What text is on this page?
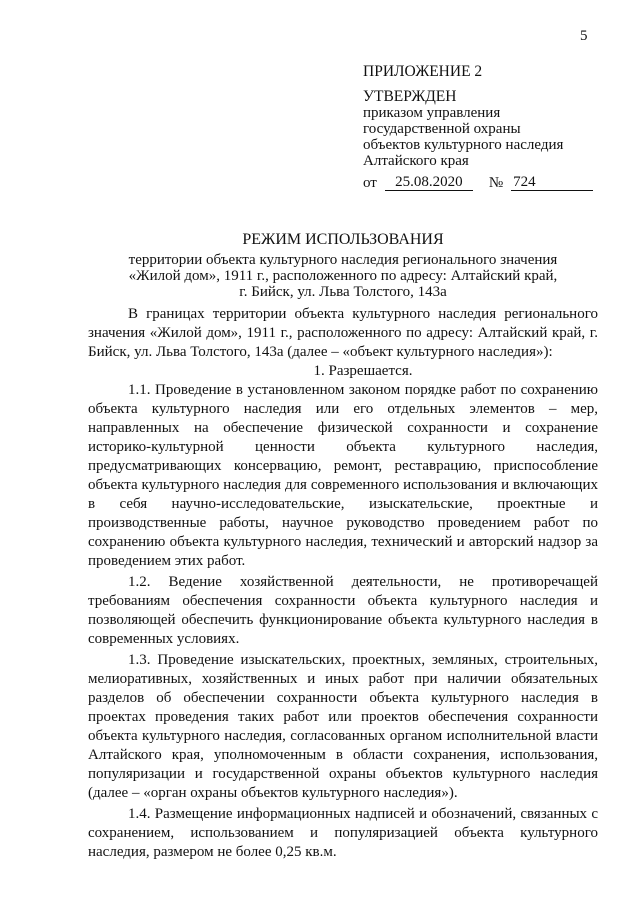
5
ПРИЛОЖЕНИЕ 2
УТВЕРЖДЕН
приказом управления
государственной охраны
объектов культурного наследия
Алтайского края
от	25.08.2020	№ 724
РЕЖИМ ИСПОЛЬЗОВАНИЯ
территории объекта культурного наследия регионального значения
«Жилой дом», 1911 г., расположенного по адресу: Алтайский край,
г. Бийск, ул. Льва Толстого, 143а

В границах территории объекта культурного наследия регионального значения «Жилой дом», 1911 г., расположенного по адресу: Алтайский край, г. Бийск, ул. Льва Толстого, 143а (далее – «объект культурного наследия»):

1. Разрешается.

1.1. Проведение в установленном законом порядке работ по сохранению объекта культурного наследия или его отдельных элементов – мер, направленных на обеспечение физической сохранности и сохранение историко-культурной ценности объекта культурного наследия, предусматривающих консервацию, ремонт, реставрацию, приспособление объекта культурного наследия для современного использования и включающих в себя научно-исследовательские, изыскательские, проектные и производственные работы, научное руководство проведением работ по сохранению объекта культурного наследия, технический и авторский надзор за проведением этих работ.

1.2. Ведение хозяйственной деятельности, не противоречащей требованиям обеспечения сохранности объекта культурного наследия и позволяющей обеспечить функционирование объекта культурного наследия в современных условиях.

1.3. Проведение изыскательских, проектных, земляных, строительных, мелиоративных, хозяйственных и иных работ при наличии обязательных разделов об обеспечении сохранности объекта культурного наследия в проектах проведения таких работ или проектов обеспечения сохранности объекта культурного наследия, согласованных органом исполнительной власти Алтайского края, уполномоченным в области сохранения, использования, популяризации и государственной охраны объектов культурного наследия (далее – «орган охраны объектов культурного наследия»).

1.4. Размещение информационных надписей и обозначений, связанных с сохранением, использованием и популяризацией объекта культурного наследия, размером не более 0,25 кв.м.
